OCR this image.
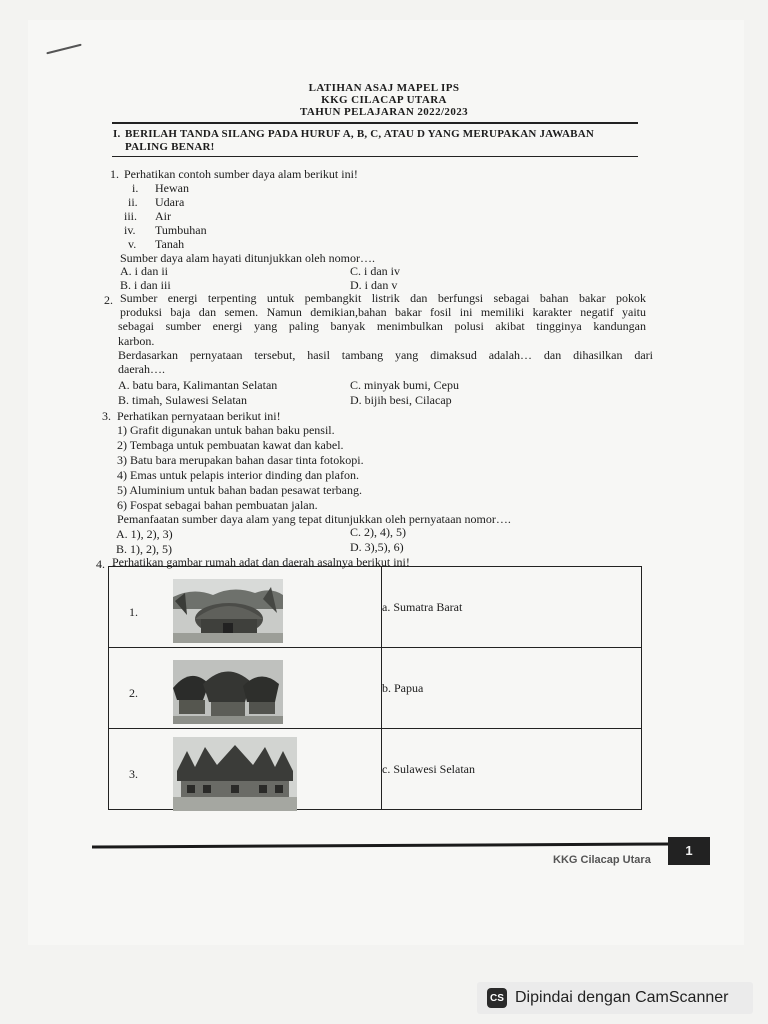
LATIHAN ASAJ MAPEL IPS
KKG CILACAP UTARA
TAHUN PELAJARAN 2022/2023
I. BERILAH TANDA SILANG PADA HURUF A, B, C, ATAU D YANG MERUPAKAN JAWABAN
PALING BENAR!
1. Perhatikan contoh sumber daya alam berikut ini!
i. Hewan
ii. Udara
iii. Air
iv. Tumbuhan
v. Tanah
Sumber daya alam hayati ditunjukkan oleh nomor….
A. i dan ii	C. i dan iv
B. i dan iii	D. i dan v
2. Sumber energi terpenting untuk pembangkit listrik dan berfungsi sebagai bahan bakar pokok
produksi baja dan semen. Namun demikian,bahan bakar fosil ini memiliki karakter negatif yaitu
sebagai sumber energi yang paling banyak menimbulkan polusi akibat tingginya kandungan
karbon.
Berdasarkan pernyataan tersebut, hasil tambang yang dimaksud adalah… dan dihasilkan dari
daerah….
A. batu bara, Kalimantan Selatan	C. minyak bumi, Cepu
B. timah, Sulawesi Selatan	D. bijih besi, Cilacap
3. Perhatikan pernyataan berikut ini!
1) Grafit digunakan untuk bahan baku pensil.
2) Tembaga untuk pembuatan kawat dan kabel.
3) Batu bara merupakan bahan dasar tinta fotokopi.
4) Emas untuk pelapis interior dinding dan plafon.
5) Aluminium untuk bahan badan pesawat terbang.
6) Fospat sebagai bahan pembuatan jalan.
Pemanfaatan sumber daya alam yang tepat ditunjukkan oleh pernyataan nomor….
A. 1), 2), 3)	C. 2), 4), 5)
B. 1), 2), 5)	D. 3),5), 6)
4. Perhatikan gambar rumah adat dan daerah asalnya berikut ini!
1.	a. Sumatra Barat

2.	b. Papua

3.	c. Sulawesi Selatan
KKG Cilacap Utara
1
CS Dipindai dengan CamScanner
